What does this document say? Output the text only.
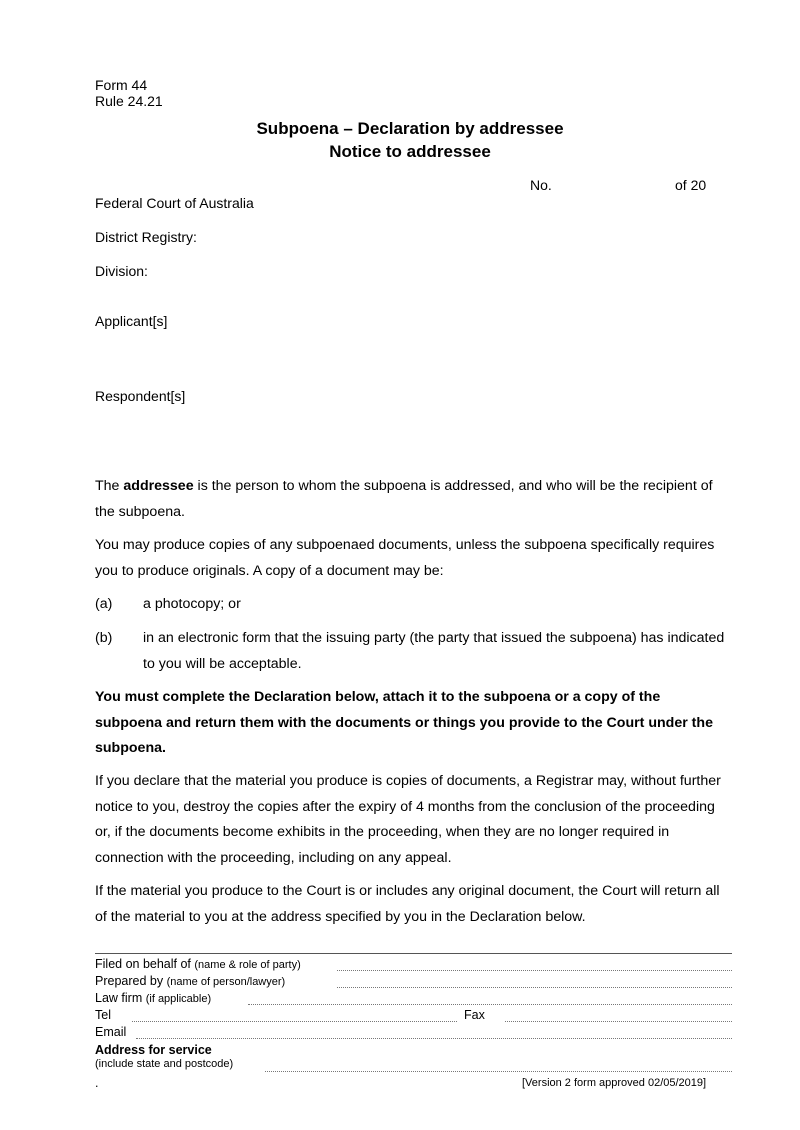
Form 44
Rule 24.21
Subpoena – Declaration by addressee
Notice to addressee
No.	of 20
Federal Court of Australia
District Registry:
Division:
Applicant[s]
Respondent[s]
The addressee is the person to whom the subpoena is addressed, and who will be the recipient of the subpoena.
You may produce copies of any subpoenaed documents, unless the subpoena specifically requires you to produce originals. A copy of a document may be:
(a) a photocopy; or
(b) in an electronic form that the issuing party (the party that issued the subpoena) has indicated to you will be acceptable.
You must complete the Declaration below, attach it to the subpoena or a copy of the subpoena and return them with the documents or things you provide to the Court under the subpoena.
If you declare that the material you produce is copies of documents, a Registrar may, without further notice to you, destroy the copies after the expiry of 4 months from the conclusion of the proceeding or, if the documents become exhibits in the proceeding, when they are no longer required in connection with the proceeding, including on any appeal.
If the material you produce to the Court is or includes any original document, the Court will return all of the material to you at the address specified by you in the Declaration below.
Filed on behalf of (name & role of party)
Prepared by (name of person/lawyer)
Law firm (if applicable)
Tel	Fax
Email
Address for service
(include state and postcode)
.	[Version 2 form approved 02/05/2019]
